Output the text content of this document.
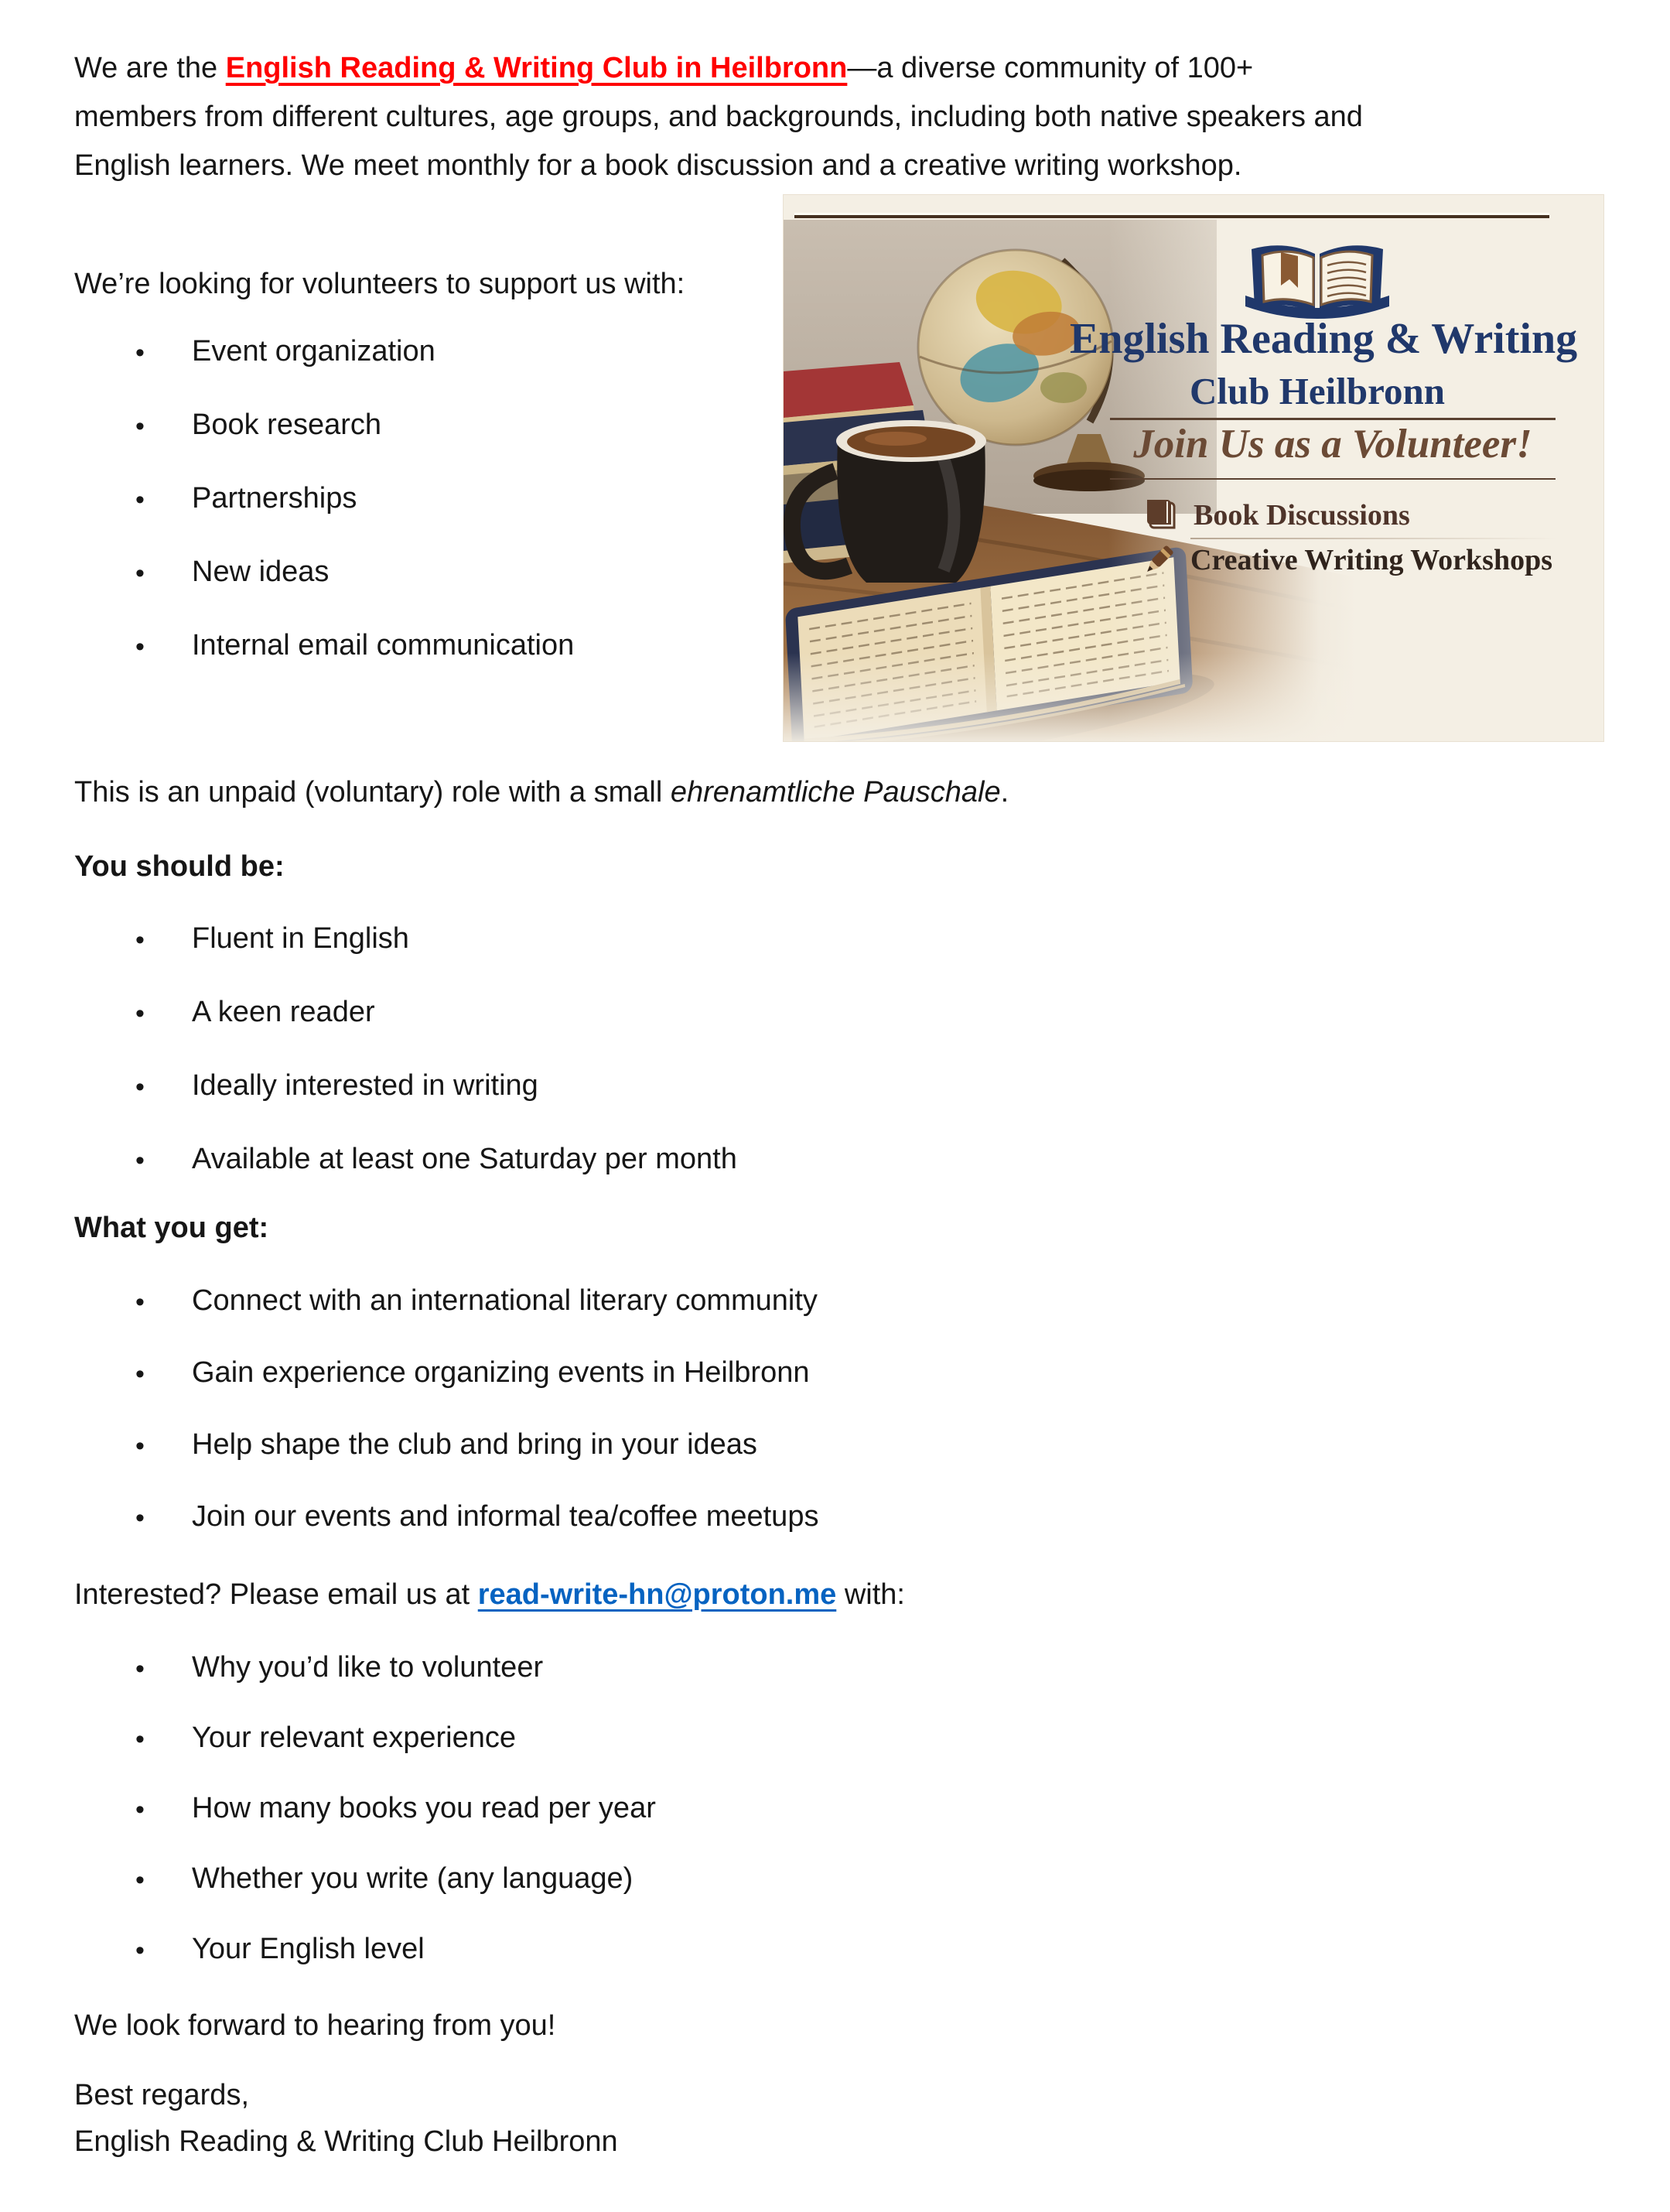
We are the English Reading & Writing Club in Heilbronn—a diverse community of 100+
members from different cultures, age groups, and backgrounds, including both native speakers and
English learners. We meet monthly for a book discussion and a creative writing workshop.

We’re looking for volunteers to support us with:

• Event organization
• Book research
• Partnerships
• New ideas
• Internal email communication
English Reading & Writing
Club Heilbronn
Join Us as a Volunteer!
Book Discussions
Creative Writing Workshops

This is an unpaid (voluntary) role with a small ehrenamtliche Pauschale.

You should be:

• Fluent in English
• A keen reader
• Ideally interested in writing
• Available at least one Saturday per month

What you get:

• Connect with an international literary community
• Gain experience organizing events in Heilbronn
• Help shape the club and bring in your ideas
• Join our events and informal tea/coffee meetups

Interested? Please email us at read-write-hn@proton.me with:

• Why you’d like to volunteer
• Your relevant experience
• How many books you read per year
• Whether you write (any language)
• Your English level

We look forward to hearing from you!

Best regards,
English Reading & Writing Club Heilbronn
